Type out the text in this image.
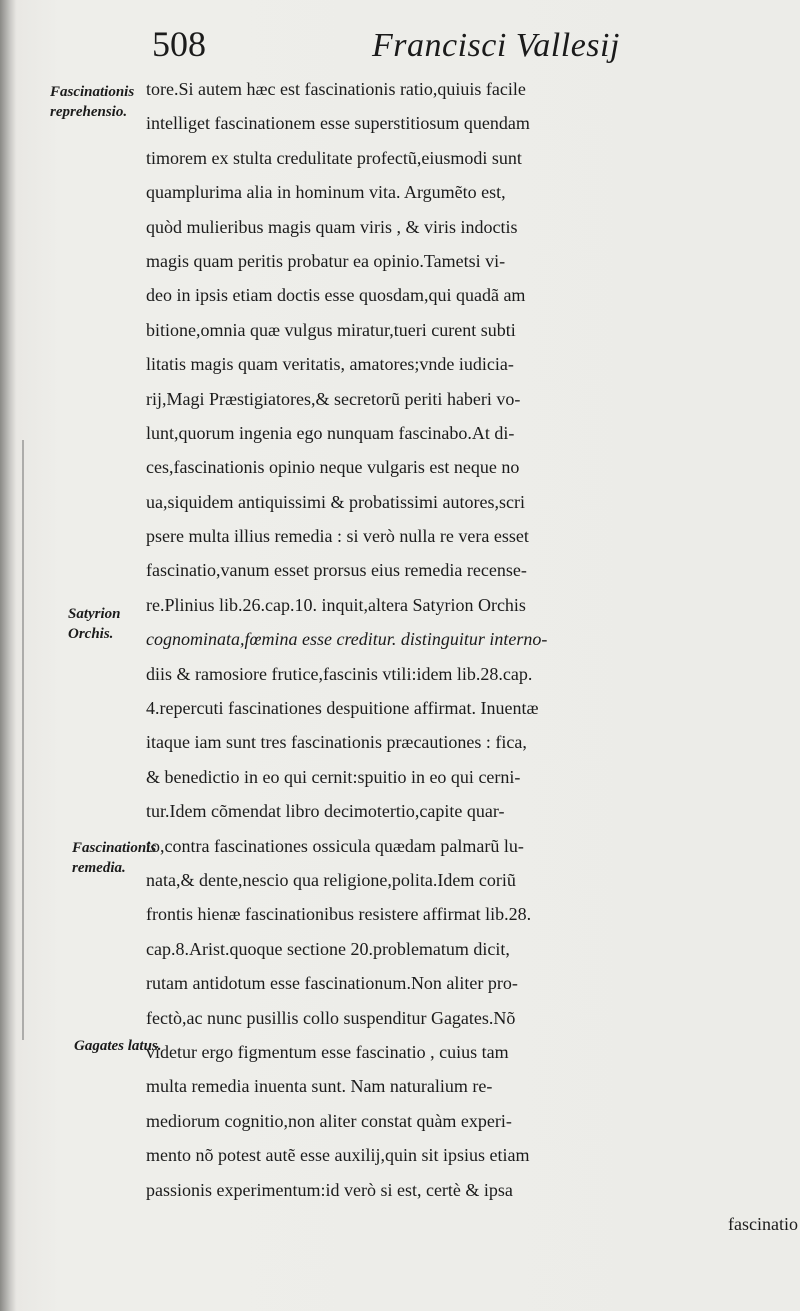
508	Francisci Vallesij
Fascinationis reprehensio.
Satyrion Orchis.
Fascinationis remedia.
Gagates latus.
tore.Si autem hæc est fascinationis ratio,quiuis facile
intelliget fascinationem esse superstitiosum quendam
timorem ex stulta credulitate profectũ,eiusmodi sunt
quamplurima alia in hominum vita. Argumẽto est,
quòd mulieribus magis quam viris , & viris indoctis
magis quam peritis probatur ea opinio.Tametsi vi-
deo in ipsis etiam doctis esse quosdam,qui quadã am
bitione,omnia quæ vulgus miratur,tueri curent subti
litatis magis quam veritatis, amatores;vnde iudicia-
rij,Magi Præstigiatores,& secretorũ periti haberi vo-
lunt,quorum ingenia ego nunquam fascinabo.At di-
ces,fascinationis opinio neque vulgaris est neque no
ua,siquidem antiquissimi & probatissimi autores,scri
psere multa illius remedia : si verò nulla re vera esset
fascinatio,vanum esset prorsus eius remedia recense-
re.Plinius lib.26.cap.10. inquit,altera Satyrion Orchis
cognominata,fœmina esse creditur. distinguitur interno-
diis & ramosiore frutice,fascinis vtili:idem lib.28.cap.
4.repercuti fascinationes despuitione affirmat. Inuentæ
itaque iam sunt tres fascinationis præcautiones : fica,
& benedictio in eo qui cernit:spuitio in eo qui cerni-
tur.Idem cõmendat libro decimotertio,capite quar-
to,contra fascinationes ossicula quædam palmarũ lu-
nata,& dente,nescio qua religione,polita.Idem coriũ
frontis hienæ fascinationibus resistere affirmat lib.28.
cap.8.Arist.quoque sectione 20.problematum dicit,
rutam antidotum esse fascinationum.Non aliter pro-
fectò,ac nunc pusillis collo suspenditur Gagates.Nõ
videtur ergo figmentum esse fascinatio , cuius tam
multa remedia inuenta sunt. Nam naturalium re-
mediorum cognitio,non aliter constat quàm experi-
mento nõ potest autẽ esse auxilij,quin sit ipsius etiam
passionis experimentum:id verò si est, certè & ipsa
fascinatio
